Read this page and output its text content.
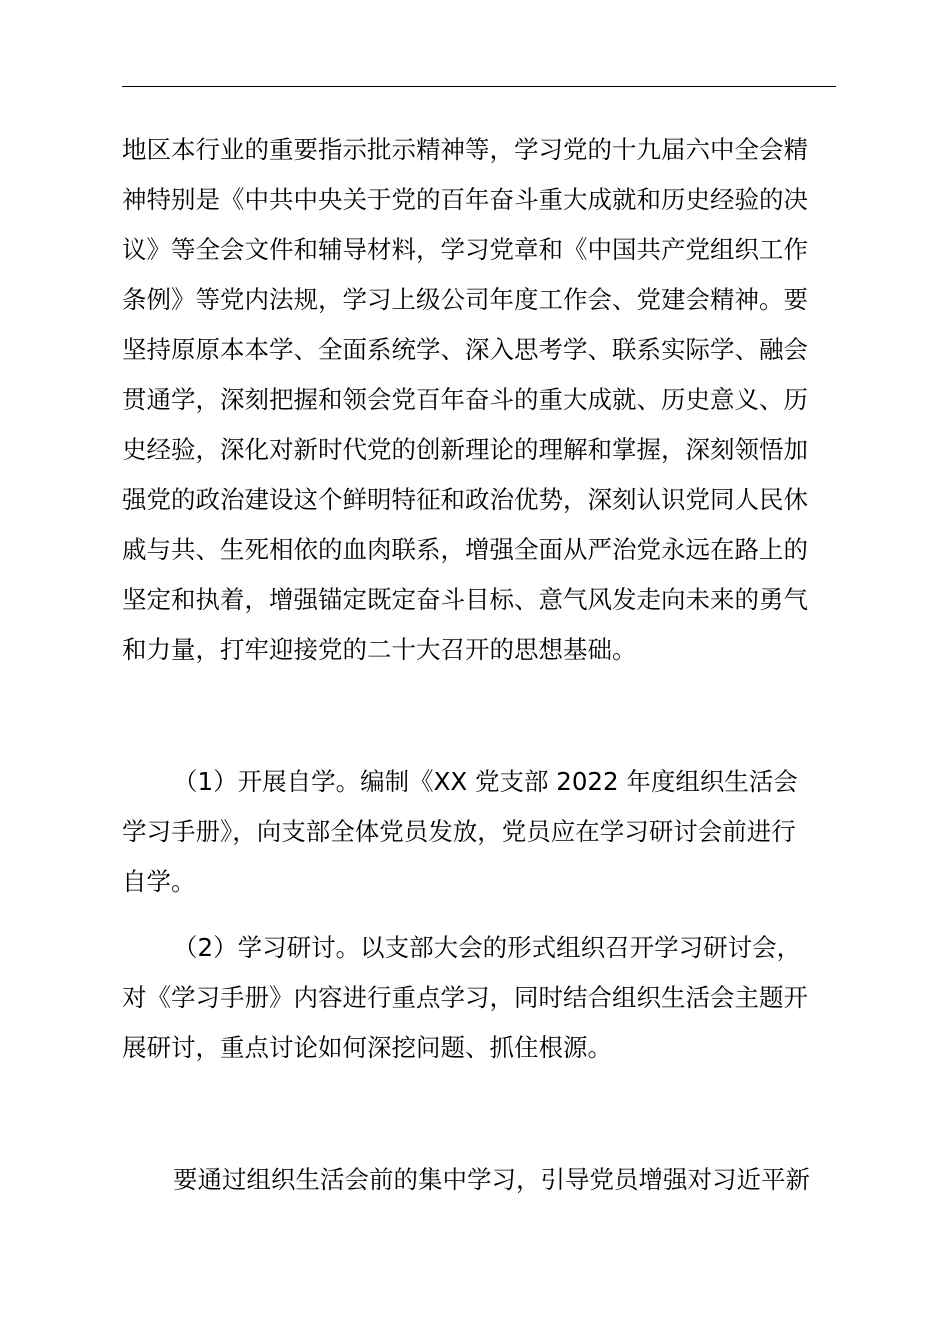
地区本行业的重要指示批示精神等，学习党的十九届六中全会精
神特别是《中共中央关于党的百年奋斗重大成就和历史经验的决
议》等全会文件和辅导材料，学习党章和《中国共产党组织工作
条例》等党内法规，学习上级公司年度工作会、党建会精神。要
坚持原原本本学、全面系统学、深入思考学、联系实际学、融会
贯通学，深刻把握和领会党百年奋斗的重大成就、历史意义、历
史经验，深化对新时代党的创新理论的理解和掌握，深刻领悟加
强党的政治建设这个鲜明特征和政治优势，深刻认识党同人民休
戚与共、生死相依的血肉联系，增强全面从严治党永远在路上的
坚定和执着，增强锚定既定奋斗目标、意气风发走向未来的勇气
和力量，打牢迎接党的二十大召开的思想基础。
（1）开展自学。编制《XX 党支部 2022 年度组织生活会
学习手册》，向支部全体党员发放，党员应在学习研讨会前进行
自学。
（2）学习研讨。以支部大会的形式组织召开学习研讨会，
对《学习手册》内容进行重点学习，同时结合组织生活会主题开
展研讨，重点讨论如何深挖问题、抓住根源。
要通过组织生活会前的集中学习，引导党员增强对习近平新
